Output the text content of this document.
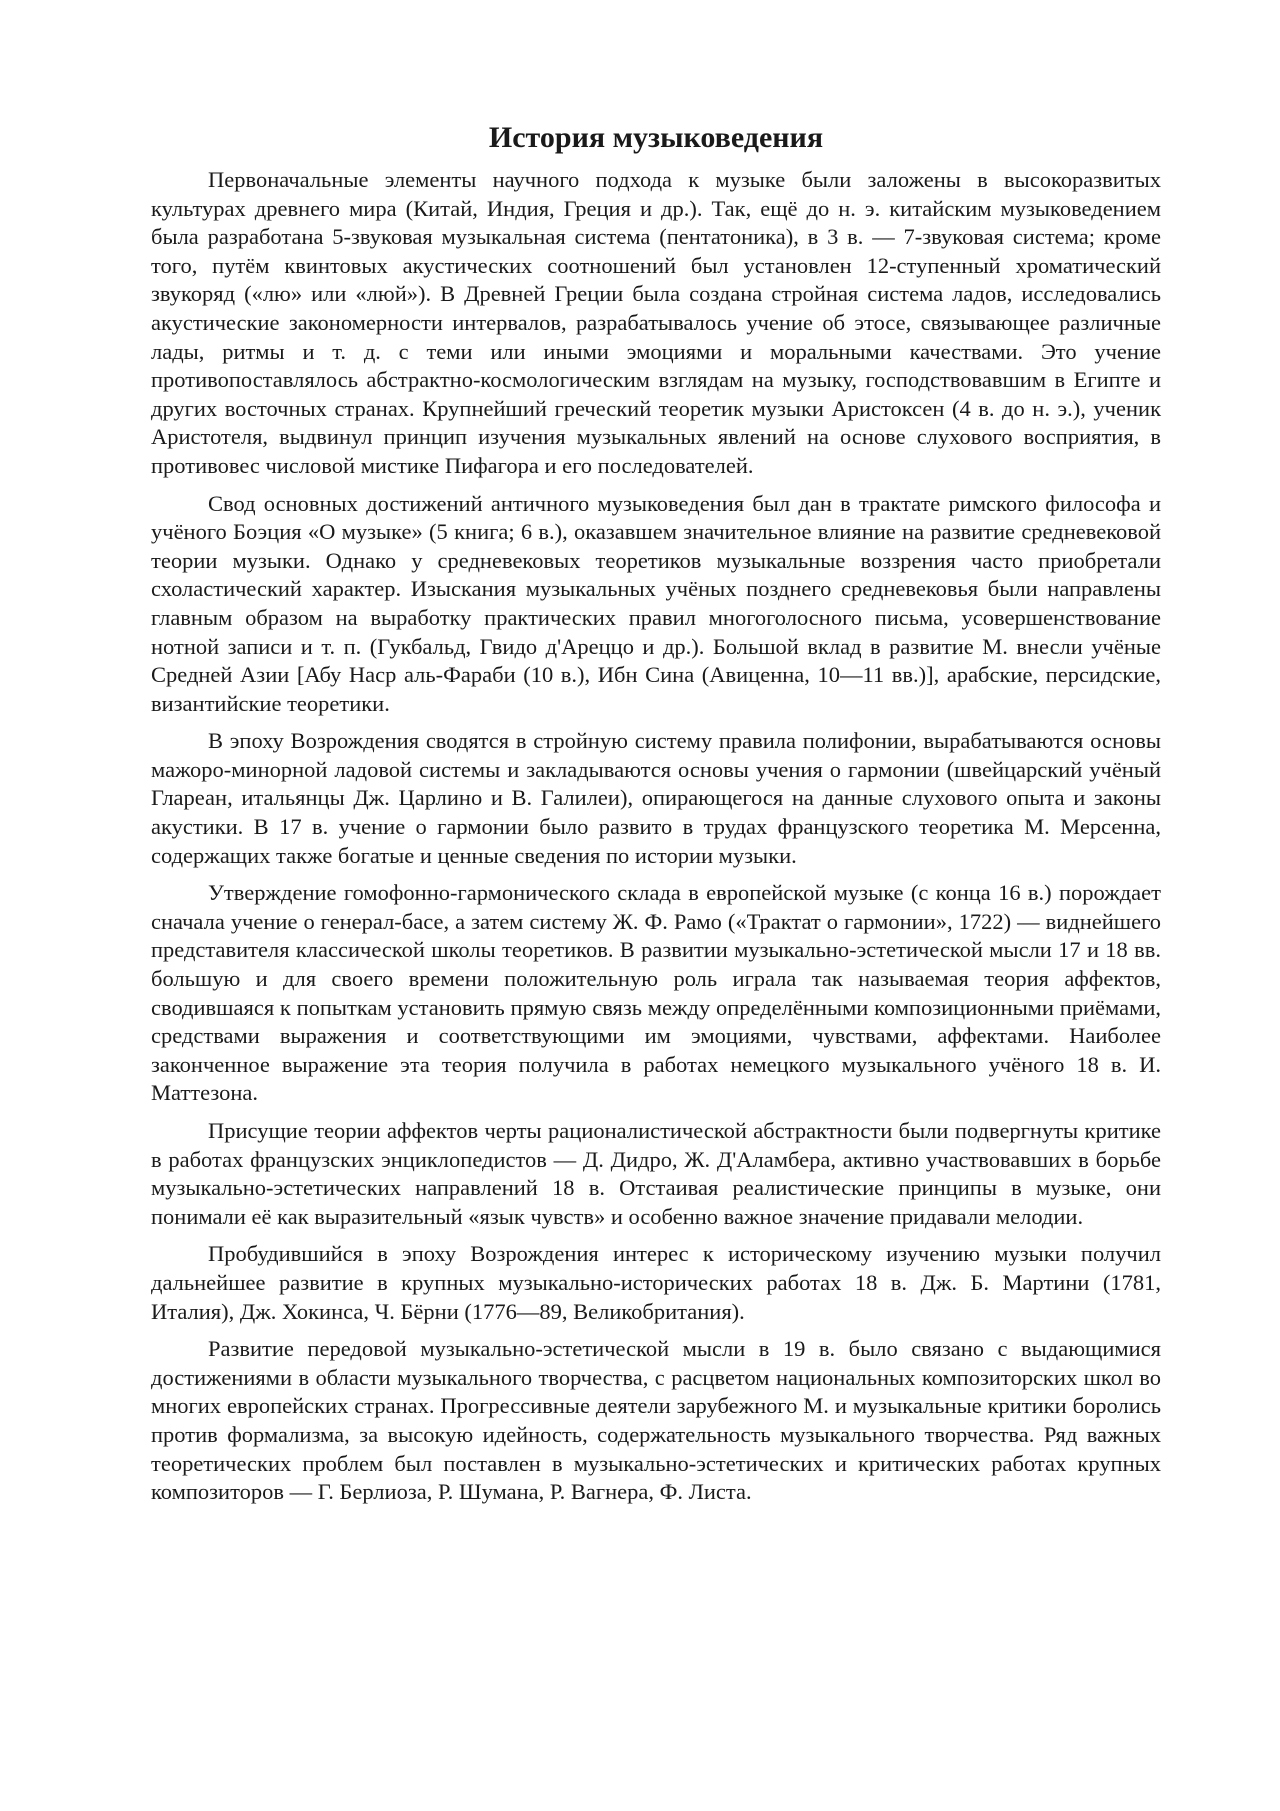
История музыковедения

Первоначальные элементы научного подхода к музыке были заложены в высокоразвитых культурах древнего мира (Китай, Индия, Греция и др.). Так, ещё до н. э. китайским музыковедением была разработана 5-звуковая музыкальная система (пентатоника), в 3 в. — 7-звуковая система; кроме того, путём квинтовых акустических соотношений был установлен 12-ступенный хроматический звукоряд («лю» или «люй»). В Древней Греции была создана стройная система ладов, исследовались акустические закономерности интервалов, разрабатывалось учение об этосе, связывающее различные лады, ритмы и т. д. с теми или иными эмоциями и моральными качествами. Это учение противопоставлялось абстрактно-космологическим взглядам на музыку, господствовавшим в Египте и других восточных странах. Крупнейший греческий теоретик музыки Аристоксен (4 в. до н. э.), ученик Аристотеля, выдвинул принцип изучения музыкальных явлений на основе слухового восприятия, в противовес числовой мистике Пифагора и его последователей.

Свод основных достижений античного музыковедения был дан в трактате римского философа и учёного Боэция «О музыке» (5 книга; 6 в.), оказавшем значительное влияние на развитие средневековой теории музыки. Однако у средневековых теоретиков музыкальные воззрения часто приобретали схоластический характер. Изыскания музыкальных учёных позднего средневековья были направлены главным образом на выработку практических правил многоголосного письма, усовершенствование нотной записи и т. п. (Гукбальд, Гвидо д'Ареццо и др.). Большой вклад в развитие М. внесли учёные Средней Азии [Абу Наср аль-Фараби (10 в.), Ибн Сина (Авиценна, 10—11 вв.)], арабские, персидские, византийские теоретики.

В эпоху Возрождения сводятся в стройную систему правила полифонии, вырабатываются основы мажоро-минорной ладовой системы и закладываются основы учения о гармонии (швейцарский учёный Глареан, итальянцы Дж. Царлино и В. Галилеи), опирающегося на данные слухового опыта и законы акустики. В 17 в. учение о гармонии было развито в трудах французского теоретика М. Мерсенна, содержащих также богатые и ценные сведения по истории музыки.

Утверждение гомофонно-гармонического склада в европейской музыке (с конца 16 в.) порождает сначала учение о генерал-басе, а затем систему Ж. Ф. Рамо («Трактат о гармонии», 1722) — виднейшего представителя классической школы теоретиков. В развитии музыкально-эстетической мысли 17 и 18 вв. большую и для своего времени положительную роль играла так называемая теория аффектов, сводившаяся к попыткам установить прямую связь между определёнными композиционными приёмами, средствами выражения и соответствующими им эмоциями, чувствами, аффектами. Наиболее законченное выражение эта теория получила в работах немецкого музыкального учёного 18 в. И. Маттезона.

Присущие теории аффектов черты рационалистической абстрактности были подвергнуты критике в работах французских энциклопедистов — Д. Дидро, Ж. Д'Аламбера, активно участвовавших в борьбе музыкально-эстетических направлений 18 в. Отстаивая реалистические принципы в музыке, они понимали её как выразительный «язык чувств» и особенно важное значение придавали мелодии.

Пробудившийся в эпоху Возрождения интерес к историческому изучению музыки получил дальнейшее развитие в крупных музыкально-исторических работах 18 в. Дж. Б. Мартини (1781, Италия), Дж. Хокинса, Ч. Бёрни (1776—89, Великобритания).

Развитие передовой музыкально-эстетической мысли в 19 в. было связано с выдающимися достижениями в области музыкального творчества, с расцветом национальных композиторских школ во многих европейских странах. Прогрессивные деятели зарубежного М. и музыкальные критики боролись против формализма, за высокую идейность, содержательность музыкального творчества. Ряд важных теоретических проблем был поставлен в музыкально-эстетических и критических работах крупных композиторов — Г. Берлиоза, Р. Шумана, Р. Вагнера, Ф. Листа.
